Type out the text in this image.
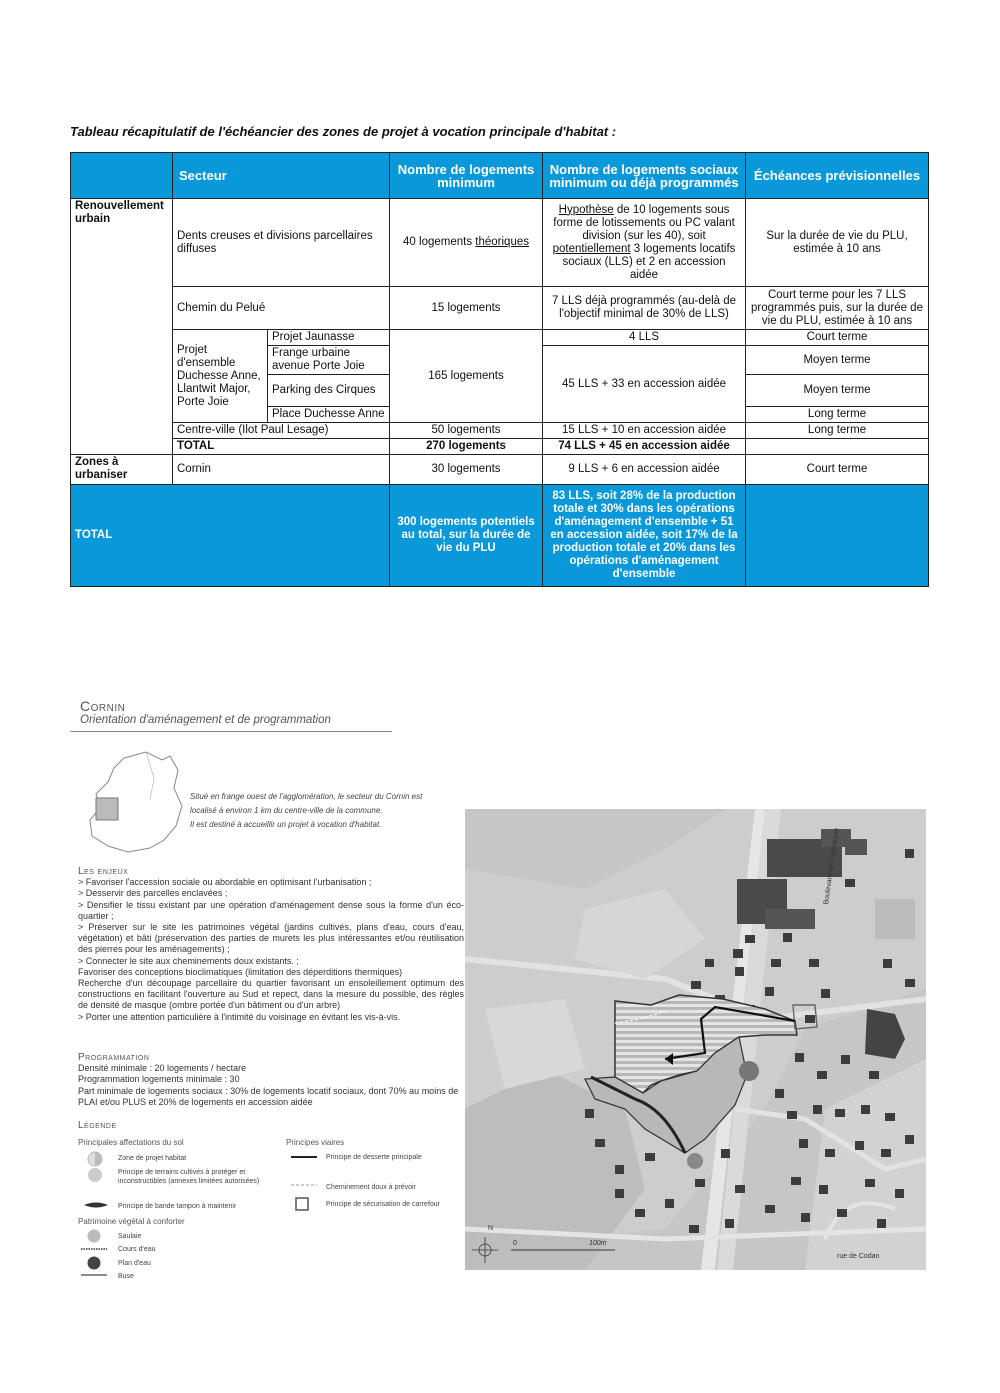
Tableau récapitulatif de l'échéancier des zones de projet à vocation principale d'habitat :
	Secteur		Nombre de logements minimum	Nombre de logements sociaux minimum ou déjà programmés	Échéances prévisionnelles
Renouvellement urbain	Dents creuses et divisions parcellaires diffuses		40 logements théoriques	Hypothèse de 10 logements sous forme de lotissements ou PC valant division (sur les 40), soit potentiellement 3 logements locatifs sociaux (LLS) et 2 en accession aidée	Sur la durée de vie du PLU, estimée à 10 ans
	Chemin du Pelué		15 logements	7 LLS déjà programmés (au-delà de l'objectif minimal de 30% de LLS)	Court terme pour les 7 LLS programmés puis, sur la durée de vie du PLU, estimée à 10 ans
	Projet d'ensemble Duchesse Anne, Llantwit Major, Porte Joie	Projet Jaunasse	165 logements	4 LLS	Court terme
		Frange urbaine avenue Porte Joie		45 LLS + 33 en accession aidée	Moyen terme
		Parking des Cirques			Moyen terme
		Place Duchesse Anne			Long terme
	Centre-ville (Ilot Paul Lesage)		50 logements	15 LLS + 10 en accession aidée	Long terme
	TOTAL		270 logements	74 LLS + 45 en accession aidée	
Zones à urbaniser	Cornin		30 logements	9 LLS + 6 en accession aidée	Court terme
TOTAL			300 logements potentiels au total, sur la durée de vie du PLU	83 LLS, soit 28% de la production totale et 30% dans les opérations d'aménagement d'ensemble + 51 en accession aidée, soit 17% de la production totale et 20% dans les opérations d'aménagement d'ensemble	
Cornin
Orientation d'aménagement et de programmation
Situé en frange ouest de l'agglomération, le secteur du Cornin est
localisé à environ 1 km du centre-ville de la commune.
Il est destiné à accueillir un projet à vocation d'habitat.
Les enjeux
> Favoriser l'accession sociale ou abordable en optimisant l'urbanisation ;
> Desservir des parcelles enclavées ;
> Densifier le tissu existant par une opération d'aménagement dense sous la forme d'un éco-quartier ;
> Préserver sur le site les patrimoines végétal (jardins cultivés, plans d'eau, cours d'eau, végétation) et bâti (préservation des parties de murets les plus intéressantes et/ou réutilisation des pierres pour les aménagements) ;
> Connecter le site aux cheminements doux existants. ;
Favoriser des conceptions bioclimatiques (limitation des déperditions thermiques)
Recherche d'un découpage parcellaire du quartier favorisant un ensoleillement optimum des constructions en facilitant l'ouverture au Sud et repect, dans la mesure du possible, des règles de densité de masque (ombre portée d'un bâtiment ou d'un arbre)
> Porter une attention particulière à l'intimité du voisinage en évitant les vis-à-vis.
Programmation
Densité minimale : 20 logements / hectare
Programmation logements minimale : 30
Part minimale de logements sociaux : 30% de logements locatif sociaux, dont 70% au moins de PLAI et/ou PLUS et 20% de logements en accession aidée
Légende
Principales affectations du sol
Zone de projet habitat
Principe de terrains cultivés à protéger et inconstructibles (annexes limitées autorisées)
Principe de bande tampon à maintenir
Patrimoine végétal à conforter
Saulaie
Cours d'eau
Plan d'eau
Buse
Principes viaires
Principe de desserte principale
Cheminement doux à prévoir
Principe de sécurisation de carrefour
Boulevard de l'Atlantique
rue de Codan
N
0	100m
